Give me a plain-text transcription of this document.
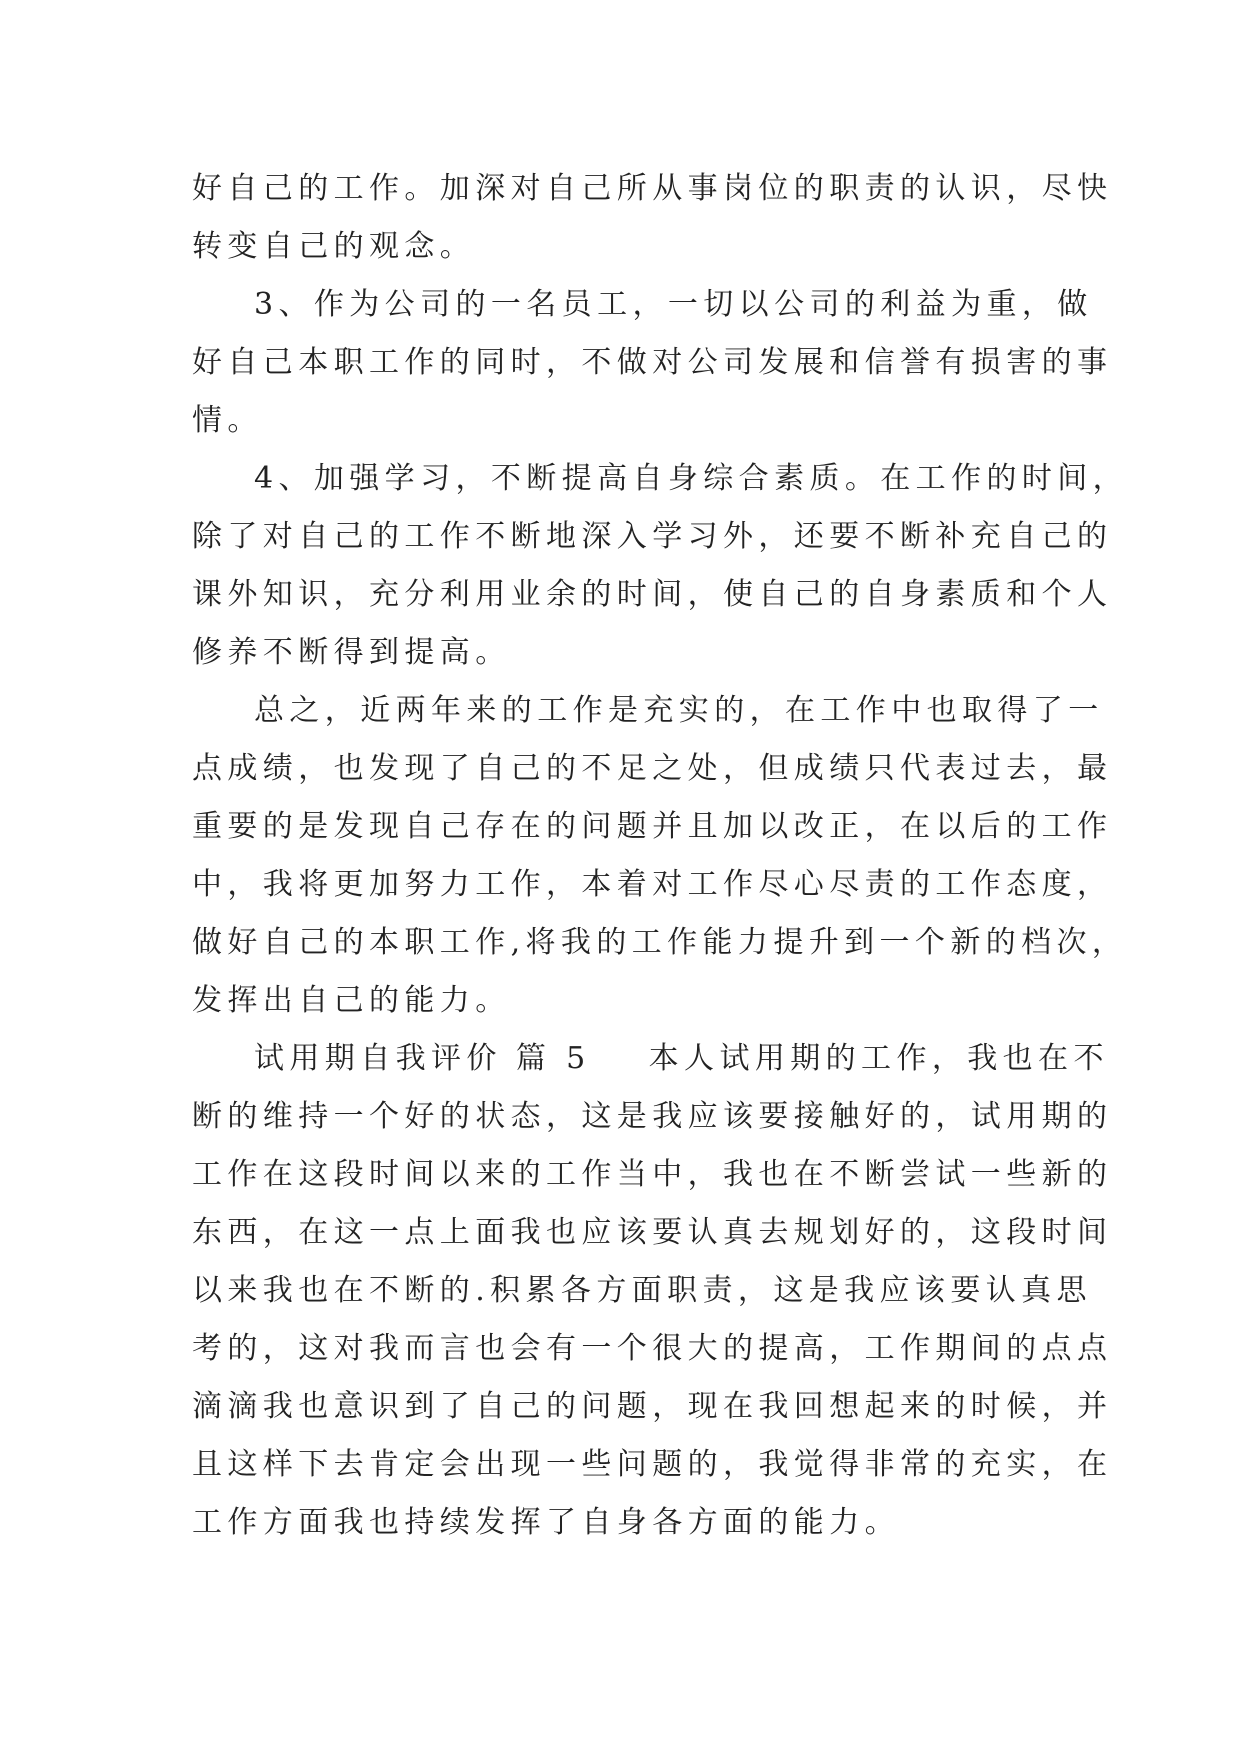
好自己的工作。加深对自己所从事岗位的职责的认识，尽快
转变自己的观念。
3、作为公司的一名员工，一切以公司的利益为重，做
好自己本职工作的同时，不做对公司发展和信誉有损害的事
情。
4、加强学习，不断提高自身综合素质。在工作的时间，
除了对自己的工作不断地深入学习外，还要不断补充自己的
课外知识，充分利用业余的时间，使自己的自身素质和个人
修养不断得到提高。
总之，近两年来的工作是充实的，在工作中也取得了一
点成绩，也发现了自己的不足之处，但成绩只代表过去，最
重要的是发现自己存在的问题并且加以改正，在以后的工作
中，我将更加努力工作，本着对工作尽心尽责的工作态度，
做好自己的本职工作,将我的工作能力提升到一个新的档次，
发挥出自己的能力。
试用期自我评价 篇 5 本人试用期的工作，我也在不
断的维持一个好的状态，这是我应该要接触好的，试用期的
工作在这段时间以来的工作当中，我也在不断尝试一些新的
东西，在这一点上面我也应该要认真去规划好的，这段时间
以来我也在不断的.积累各方面职责，这是我应该要认真思
考的，这对我而言也会有一个很大的提高，工作期间的点点
滴滴我也意识到了自己的问题，现在我回想起来的时候，并
且这样下去肯定会出现一些问题的，我觉得非常的充实，在
工作方面我也持续发挥了自身各方面的能力。
